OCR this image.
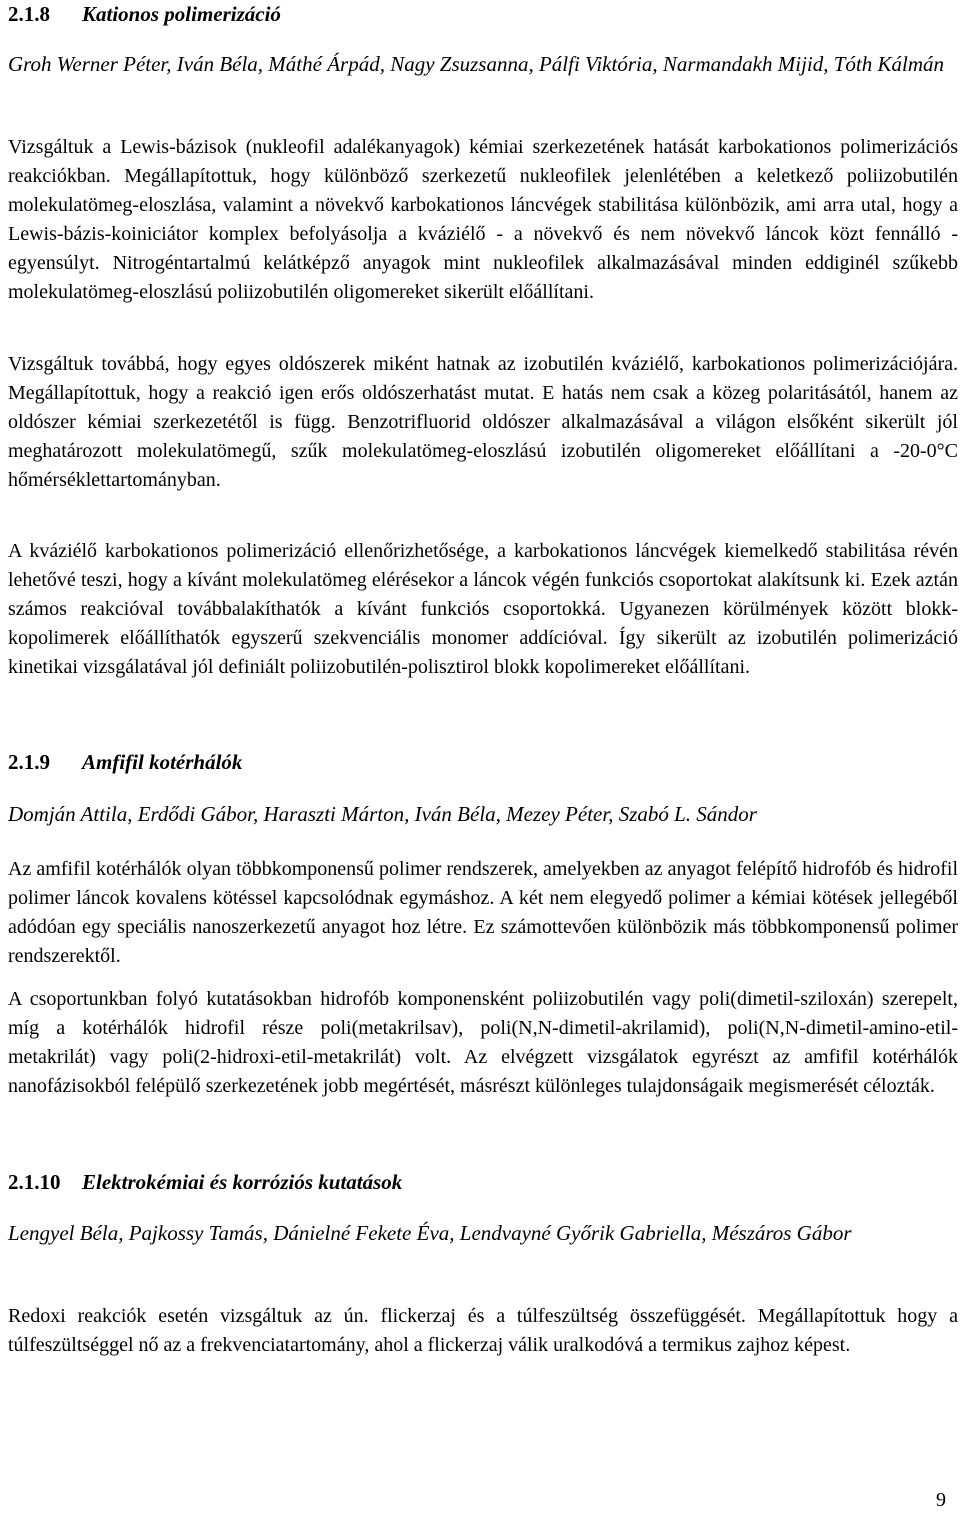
2.1.8 Kationos polimerizáció
Groh Werner Péter, Iván Béla, Máthé Árpád, Nagy Zsuzsanna, Pálfi Viktória, Narmandakh Mijid, Tóth Kálmán

Vizsgáltuk a Lewis-bázisok (nukleofil adalékanyagok) kémiai szerkezetének hatását karbokationos polimerizációs reakciókban. Megállapítottuk, hogy különböző szerkezetű nukleofilek jelenlétében a keletkező poliizobutilén molekulatömeg-eloszlása, valamint a növekvő karbokationos láncvégek stabilitása különbözik, ami arra utal, hogy a Lewis-bázis-koiniciátor komplex befolyásolja a kváziélő - a növekvő és nem növekvő láncok közt fennálló - egyensúlyt. Nitrogéntartalmú kelátképző anyagok mint nukleofilek alkalmazásával minden eddiginél szűkebb molekulatömeg-eloszlású poliizobutilén oligomereket sikerült előállítani.

Vizsgáltuk továbbá, hogy egyes oldószerek miként hatnak az izobutilén kváziélő, karbokationos polimerizációjára. Megállapítottuk, hogy a reakció igen erős oldószerhatást mutat. E hatás nem csak a közeg polaritásától, hanem az oldószer kémiai szerkezetétől is függ. Benzotrifluorid oldószer alkalmazásával a világon elsőként sikerült jól meghatározott molekulatömegű, szűk molekulatömeg-eloszlású izobutilén oligomereket előállítani a -20-0°C hőmérséklettartományban.

A kváziélő karbokationos polimerizáció ellenőrizhetősége, a karbokationos láncvégek kiemelkedő stabilitása révén lehetővé teszi, hogy a kívánt molekulatömeg elérésekor a láncok végén funkciós csoportokat alakítsunk ki. Ezek aztán számos reakcióval továbbalakíthatók a kívánt funkciós csoportokká. Ugyanezen körülmények között blokk-kopolimerek előállíthatók egyszerű szekvenciális monomer addícióval. Így sikerült az izobutilén polimerizáció kinetikai vizsgálatával jól definiált poliizobutilén-polisztirol blokk kopolimereket előállítani.

2.1.9 Amfifil kotérhálók
Domján Attila, Erdődi Gábor, Haraszti Márton, Iván Béla, Mezey Péter, Szabó L. Sándor

Az amfifil kotérhálók olyan többkomponensű polimer rendszerek, amelyekben az anyagot felépítő hidrofób és hidrofil polimer láncok kovalens kötéssel kapcsolódnak egymáshoz. A két nem elegyedő polimer a kémiai kötések jellegéből adódóan egy speciális nanoszerkezetű anyagot hoz létre. Ez számottevően különbözik más többkomponensű polimer rendszerektől.

A csoportunkban folyó kutatásokban hidrofób komponensként poliizobutilén vagy poli(dimetil-sziloxán) szerepelt, míg a kotérhálók hidrofil része poli(metakrilsav), poli(N,N-dimetil-akrilamid), poli(N,N-dimetil-amino-etil-metakrilát) vagy poli(2-hidroxi-etil-metakrilát) volt. Az elvégzett vizsgálatok egyrészt az amfifil kotérhálók nanofázisokból felépülő szerkezetének jobb megértését, másrészt különleges tulajdonságaik megismerését célozták.

2.1.10 Elektrokémiai és korróziós kutatások
Lengyel Béla, Pajkossy Tamás, Dánielné Fekete Éva, Lendvayné Győrik Gabriella, Mészáros Gábor

Redoxi reakciók esetén vizsgáltuk az ún. flickerzaj és a túlfeszültség összefüggését. Megállapítottuk hogy a túlfeszültséggel nő az a frekvenciatartomány, ahol a flickerzaj válik uralkodóvá a termikus zajhoz képest.

9
